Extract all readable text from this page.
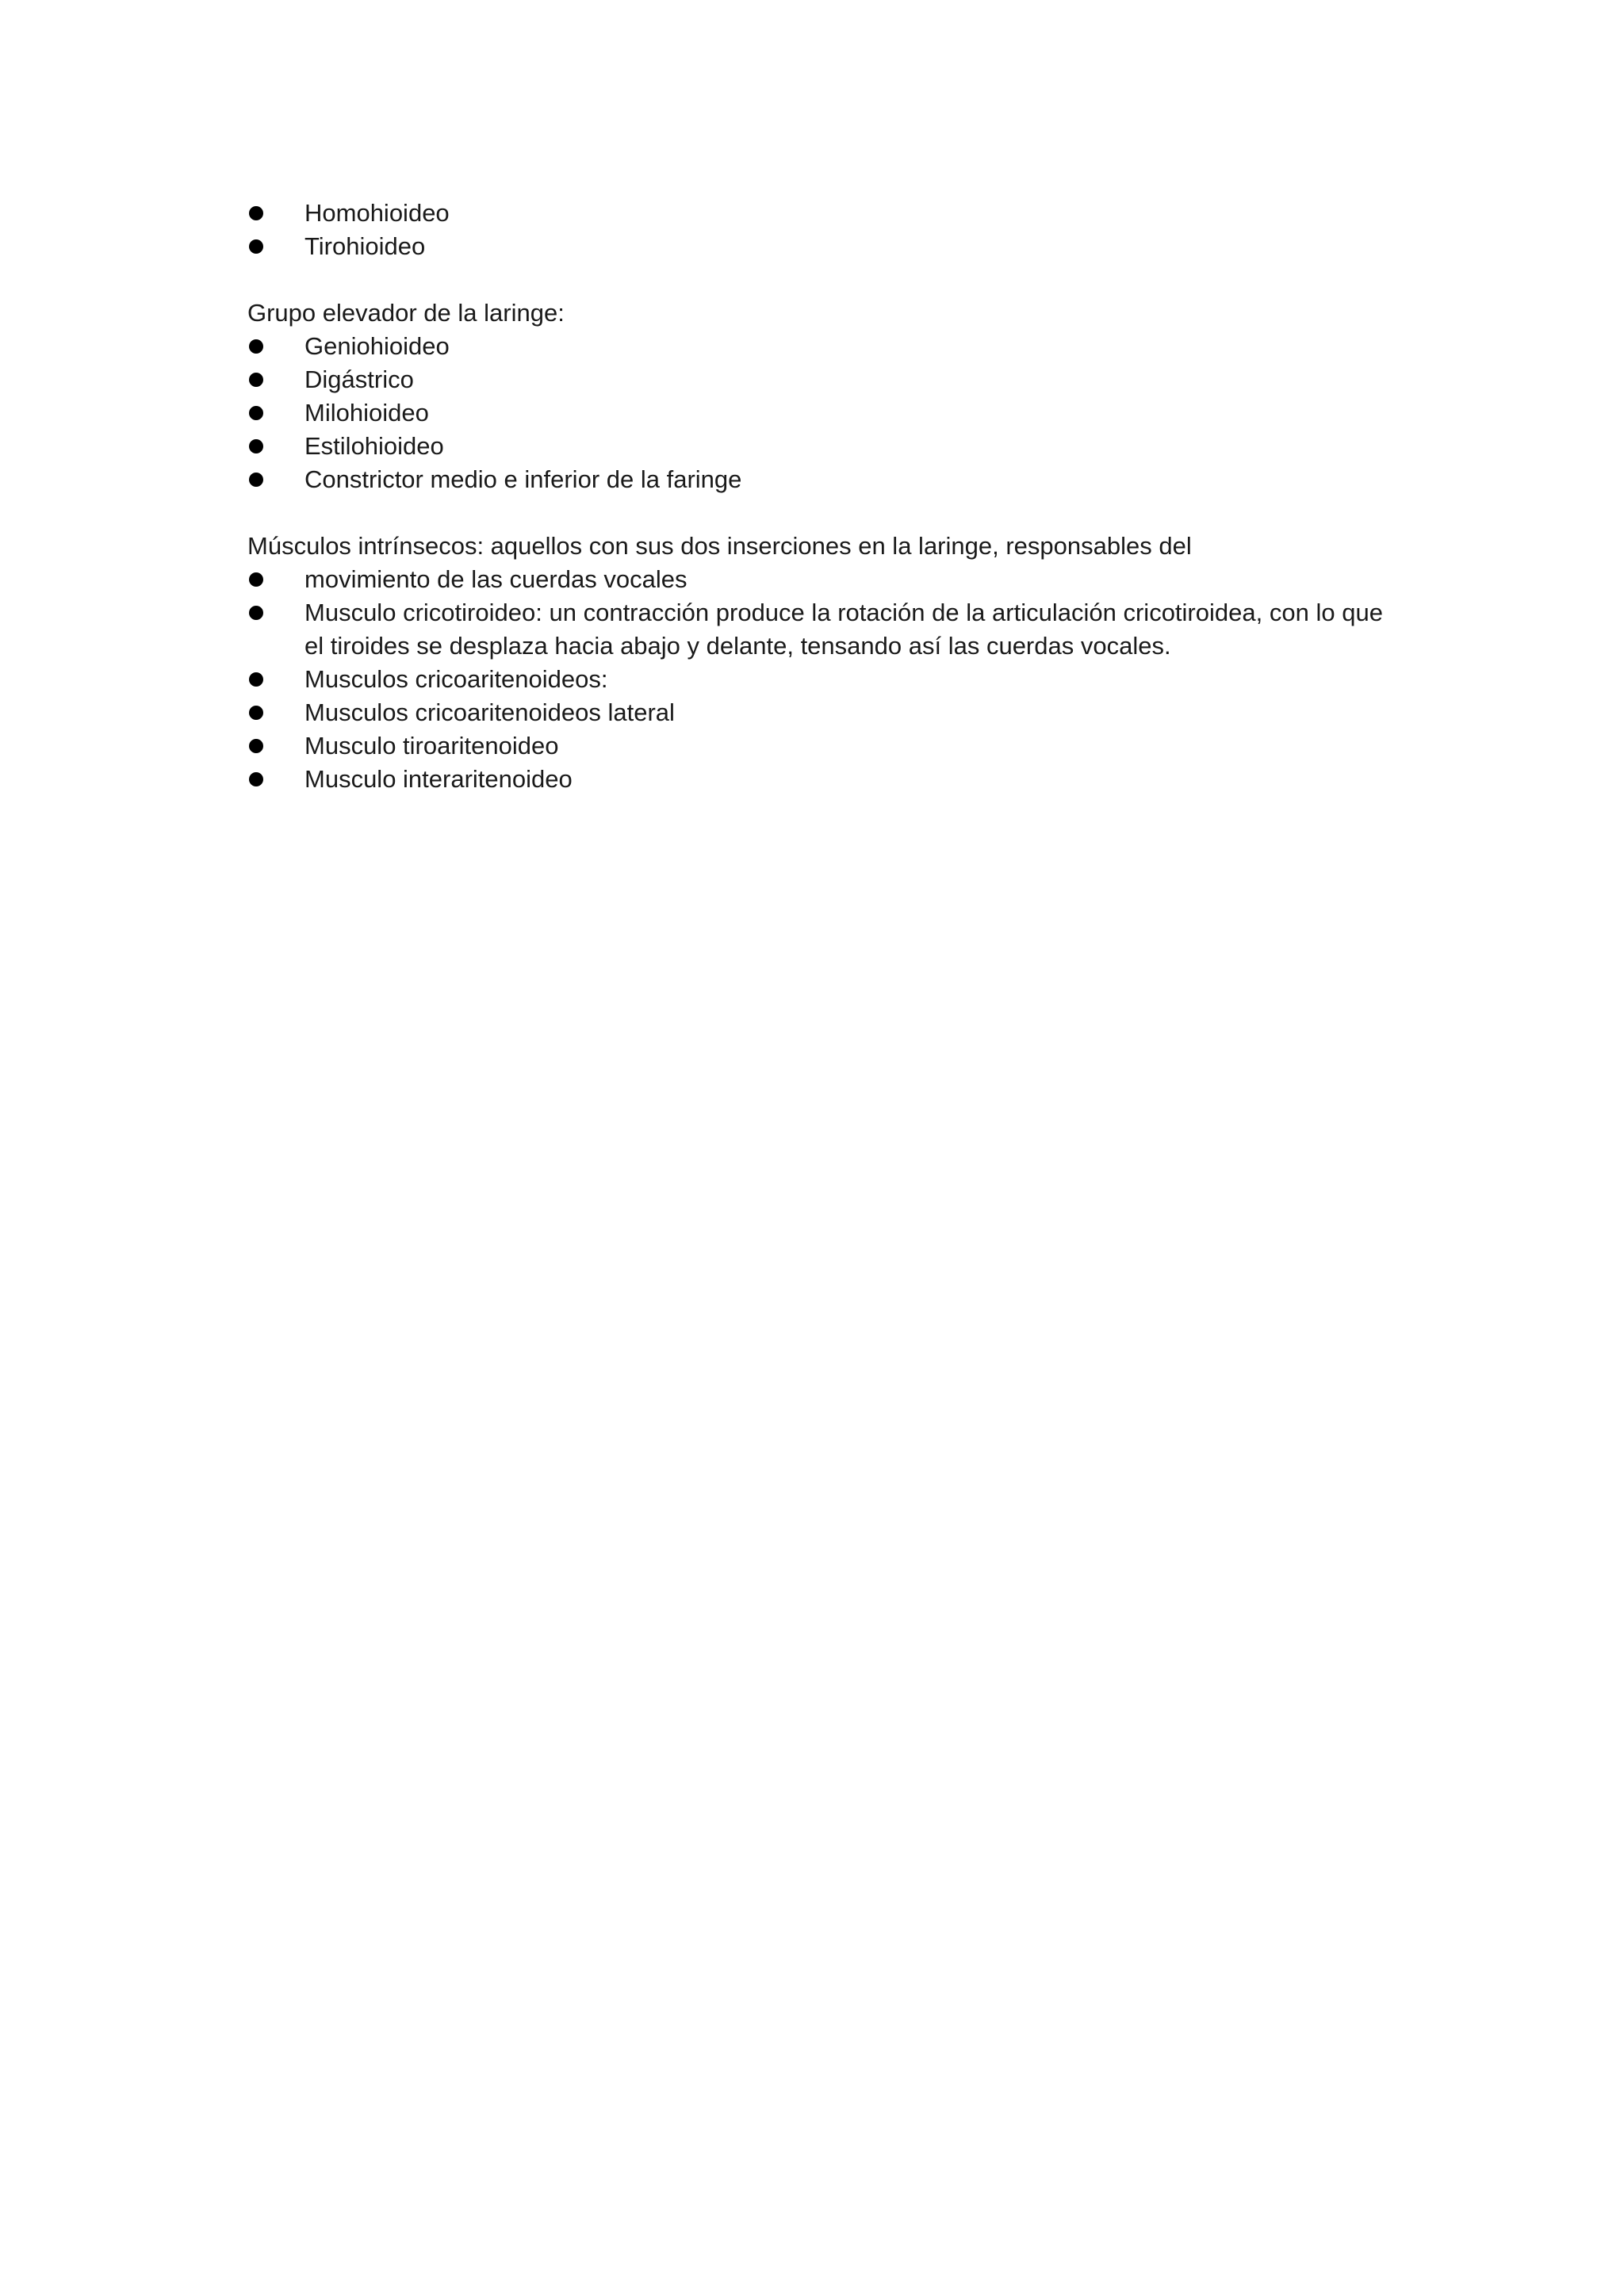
Homohioideo
Tirohioideo

Grupo elevador de la laringe:

Geniohioideo
Digástrico
Milohioideo
Estilohioideo
Constrictor medio e inferior de la faringe

Músculos intrínsecos: aquellos con sus dos inserciones en la laringe, responsables del

movimiento de las cuerdas vocales
Musculo cricotiroideo: un contracción produce la rotación de la articulación cricotiroidea, con lo que el tiroides se desplaza hacia abajo y delante, tensando así las cuerdas vocales.
Musculos cricoaritenoideos:
Musculos cricoaritenoideos lateral
Musculo tiroaritenoideo
Musculo interaritenoideo
